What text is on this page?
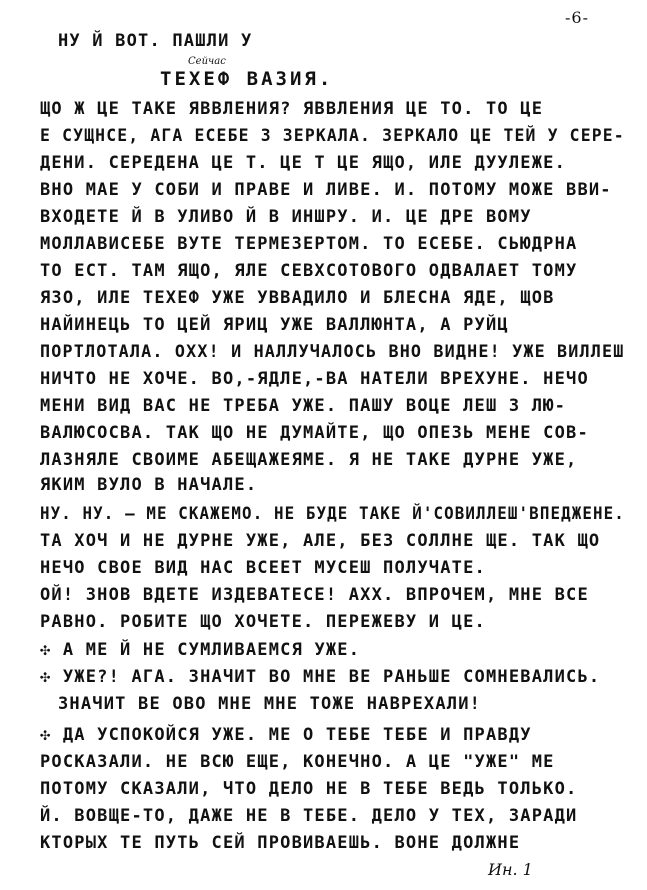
-6-
Сейчас
НУ Й ВОТ. ПАШЛИ У
ТЕХЕФ ВАЗИЯ.
ЩО Ж ЦЕ ТАКЕ ЯВВЛЕНИЯ? ЯВВЛЕНИЯ ЦЕ ТО. ТО ЦЕ
Е СУЩНСЕ, АГА ЕСЕБЕ З ЗЕРКАЛА. ЗЕРКАЛО ЦЕ ТЕЙ У СЕРЕ-
ДЕНИ. СЕРЕДЕНА ЦЕ Т. ЦЕ Т ЦЕ ЯЩО, ИЛЕ ДУУЛЕЖЕ.
ВНО МАЕ У СОБИ И ПРАВЕ И ЛИВЕ. И. ПОТОМУ МОЖЕ ВВИ-
ВХОДЕТЕ Й В УЛИВО Й В ИНШРУ. И. ЦЕ ДРЕ ВОМУ
МОЛЛАВИСЕБЕ ВУТЕ ТЕРМЕЗЕРТОМ. ТО ЕСЕБЕ. СЬЮДРНА
ТО ЕСТ. ТАМ ЯЩО, ЯЛЕ СЕВХСОТОВОГО ОДВАЛАЕТ ТОМУ
ЯЗО, ИЛЕ ТЕХЕФ УЖЕ УВВАДИЛО И БЛЕСНА ЯДЕ, ЩОВ
НАЙИНЕЦЬ ТО ЦЕЙ ЯРИЦ УЖЕ ВАЛЛЮНТА, А РУЙЦ
ПОРТЛОТАЛА. ОХХ! И НАЛЛУЧАЛОСЬ ВНО ВИДНЕ! УЖЕ ВИЛЛЕШ
НИЧТО НЕ ХОЧЕ. ВО,-ЯДЛЕ,-ВА НАТЕЛИ ВРЕХУНЕ. НЕЧО
МЕНИ ВИД ВАС НЕ ТРЕБА УЖЕ. ПАШУ ВОЦЕ ЛЕШ З ЛЮ-
ВАЛЮСОСВА. ТАК ЩО НЕ ДУМАЙТЕ, ЩО ОПЕЗЬ МЕНЕ СОВ-
ЛАЗНЯЛЕ СВОИМЕ АБЕЩАЖЕЯМЕ. Я НЕ ТАКЕ ДУРНЕ УЖЕ,
ЯКИМ ВУЛО В НАЧАЛЕ.
НУ. НУ. — МЕ СКАЖЕМО. НЕ БУДЕ ТАКЕ Й'СОВИЛЛЕШ'ВПЕДЖЕНЕ.
ТА ХОЧ И НЕ ДУРНЕ УЖЕ, АЛЕ, БЕЗ СОЛЛНЕ ЩЕ. ТАК ЩО
НЕЧО СВОЕ ВИД НАС ВСЕЕТ МУСЕШ ПОЛУЧАТЕ.
ОЙ! ЗНОВ ВДЕТЕ ИЗДЕВАТЕСЕ! АХХ. ВПРОЧЕМ, МНЕ ВСЕ
РАВНО. РОБИТЕ ЩО ХОЧЕТЕ. ПЕРЕЖЕВУ И ЦЕ.
✣ А МЕ Й НЕ СУМЛИВАЕМСЯ УЖЕ.
✣ УЖЕ?! АГА. ЗНАЧИТ ВО МНЕ ВЕ РАНЬШЕ СОМНЕВАЛИСЬ.
ЗНАЧИТ ВЕ ОВО МНЕ МНЕ ТОЖЕ НАВРЕХАЛИ!
✣ ДА УСПОКОЙСЯ УЖЕ. МЕ О ТЕБЕ ТЕБЕ И ПРАВДУ
РОСКАЗАЛИ. НЕ ВСЮ ЕЩЕ, КОНЕЧНО. А ЦЕ "УЖЕ" МЕ
ПОТОМУ СКАЗАЛИ, ЧТО ДЕЛО НЕ В ТЕБЕ ВЕДЬ ТОЛЬКО.
Й. ВОВЩЕ-ТО, ДАЖЕ НЕ В ТЕБЕ. ДЕЛО У ТЕХ, ЗАРАДИ
КТОРЫХ ТЕ ПУТЬ СЕЙ ПРОВИВАЕШЬ. ВОНЕ ДОЛЖНЕ
Ин. 1
